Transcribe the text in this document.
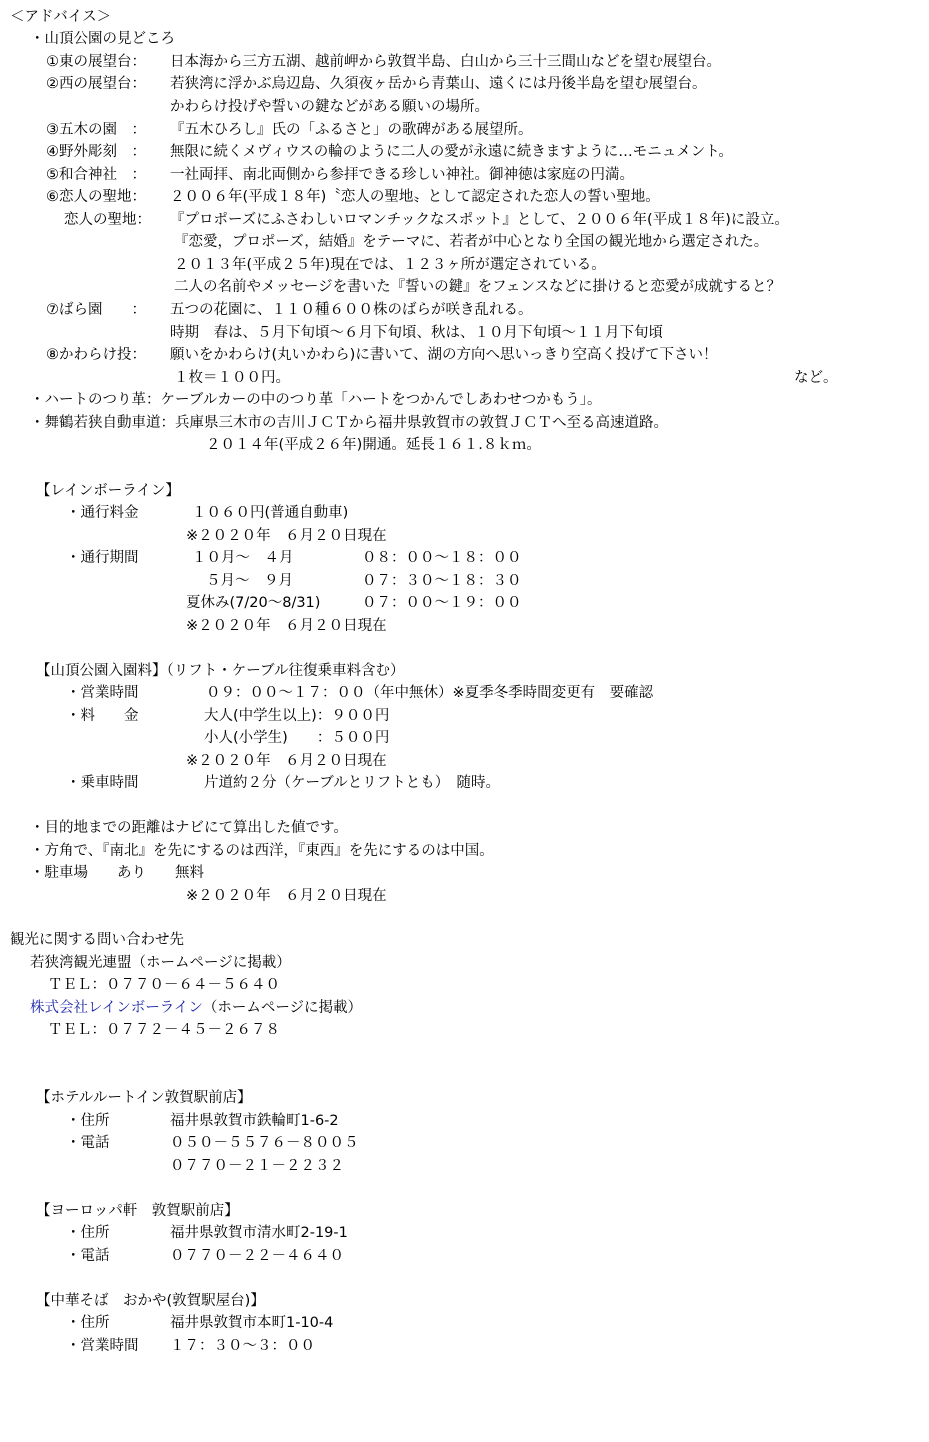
＜アドバイス＞
・山頂公園の見どころ
①東の展望台： 日本海から三方五湖、越前岬から敦賀半島、白山から三十三間山などを望む展望台。
②西の展望台： 若狭湾に浮かぶ烏辺島、久須夜ヶ岳から青葉山、遠くには丹後半島を望む展望台。
かわらけ投げや誓いの鍵などがある願いの場所。
③五木の園　： 『五木ひろし』氏の「ふるさと」の歌碑がある展望所。
④野外彫刻　： 無限に続くメヴィウスの輪のように二人の愛が永遠に続きますように…モニュメント。
⑤和合神社　： 一社両拝、南北両側から参拝できる珍しい神社。御神徳は家庭の円満。
⑥恋人の聖地： ２００６年(平成１８年)〝恋人の聖地〟として認定された恋人の誓い聖地。
恋人の聖地： 『プロポーズにふさわしいロマンチックなスポット』として、２００６年(平成１８年)に設立。
『恋愛，プロポーズ，結婚』をテーマに、若者が中心となり全国の観光地から選定された。
２０１３年(平成２５年)現在では、１２３ヶ所が選定されている。
二人の名前やメッセージを書いた『誓いの鍵』をフェンスなどに掛けると恋愛が成就すると？
⑦ばら園　　： 五つの花園に、１１０種６００株のばらが咲き乱れる。
時期　春は、５月下旬頃～６月下旬頃、秋は、１０月下旬頃～１１月下旬頃
⑧かわらけ投： 願いをかわらけ(丸いかわら)に書いて、湖の方向へ思いっきり空高く投げて下さい！
１枚＝１００円。	など。
・ハートのつり革：ケーブルカーの中のつり革「ハートをつかんでしあわせつかもう」。
・舞鶴若狭自動車道：兵庫県三木市の吉川ＪＣＴから福井県敦賀市の敦賀ＪＣＴへ至る高速道路。
２０１４年(平成２６年)開通。延長１６１.８ｋｍ。
【レインボーライン】
・通行料金	１０６０円(普通自動車)
※２０２０年　６月２０日現在
・通行期間	１０月～　４月	０８：００～１８：００
５月～　９月	０７：３０～１８：３０
夏休み(7/20～8/31)	０７：００～１９：００
※２０２０年　６月２０日現在
【山頂公園入園料】（リフト・ケーブル往復乗車料含む）
・営業時間	０９：００～１７：００（年中無休）※夏季冬季時間変更有　要確認
・料　　金	大人(中学生以上)：９００円
小人(小学生)　　：５００円
※２０２０年　６月２０日現在
・乗車時間	片道約２分（ケーブルとリフトとも）　随時。
・目的地までの距離はナビにて算出した値です。
・方角で、『南北』を先にするのは西洋，『東西』を先にするのは中国。
・駐車場　　あり　　無料
※２０２０年　６月２０日現在
観光に関する問い合わせ先
若狭湾観光連盟（ホームページに掲載）
ＴＥＬ：０７７０－６４－５６４０
株式会社レインボーライン（ホームページに掲載）
ＴＥＬ：０７７２－４５－２６７８
【ホテルルートイン敦賀駅前店】
・住所	福井県敦賀市鉄輪町1-6-2
・電話	０５０－５５７６－８００５
０７７０－２１－２２３２
【ヨーロッパ軒　敦賀駅前店】
・住所	福井県敦賀市清水町2-19-1
・電話	０７７０－２２－４６４０
【中華そば　おかや(敦賀駅屋台)】
・住所	福井県敦賀市本町1-10-4
・営業時間 １７：３０～３：００
